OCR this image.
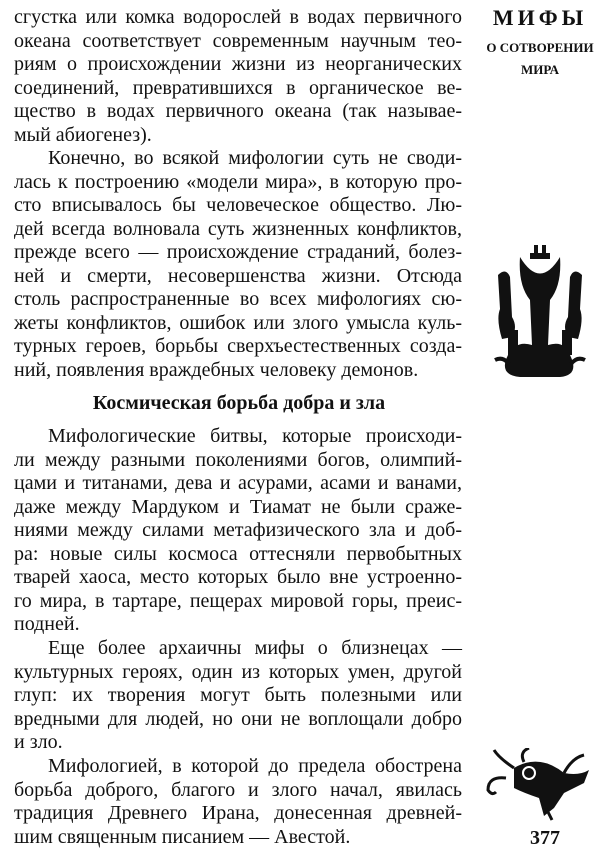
МИФЫ
О СОТВОРЕНИИ
МИРА
сгустка или комка водорослей в водах первичного
океана соответствует современным научным тео-
риям о происхождении жизни из неорганических
соединений, превратившихся в органическое ве-
щество в водах первичного океана (так называе-
мый абиогенез).
Конечно, во всякой мифологии суть не своди-
лась к построению «модели мира», в которую про-
сто вписывалось бы человеческое общество. Лю-
дей всегда волновала суть жизненных конфликтов,
прежде всего — происхождение страданий, болез-
ней и смерти, несовершенства жизни. Отсюда
столь распространенные во всех мифологиях сю-
жеты конфликтов, ошибок или злого умысла куль-
турных героев, борьбы сверхъестественных созда-
ний, появления враждебных человеку демонов.
Мифологические битвы, которые происходи-
ли между разными поколениями богов, олимпий-
цами и титанами, дева и асурами, асами и ванами,
даже между Мардуком и Тиамат не были сраже-
ниями между силами метафизического зла и доб-
ра: новые силы космоса оттесняли первобытных
тварей хаоса, место которых было вне устроенно-
го мира, в тартаре, пещерах мировой горы, преис-
подней.
Еще более архаичны мифы о близнецах —
культурных героях, один из которых умен, другой
глуп: их творения могут быть полезными или
вредными для людей, но они не воплощали добро
и зло.
Мифологией, в которой до предела обострена
борьба доброго, благого и злого начал, явилась
традиция Древнего Ирана, донесенная древней-
шим священным писанием — Авестой.
Космическая борьба добра и зла
377
